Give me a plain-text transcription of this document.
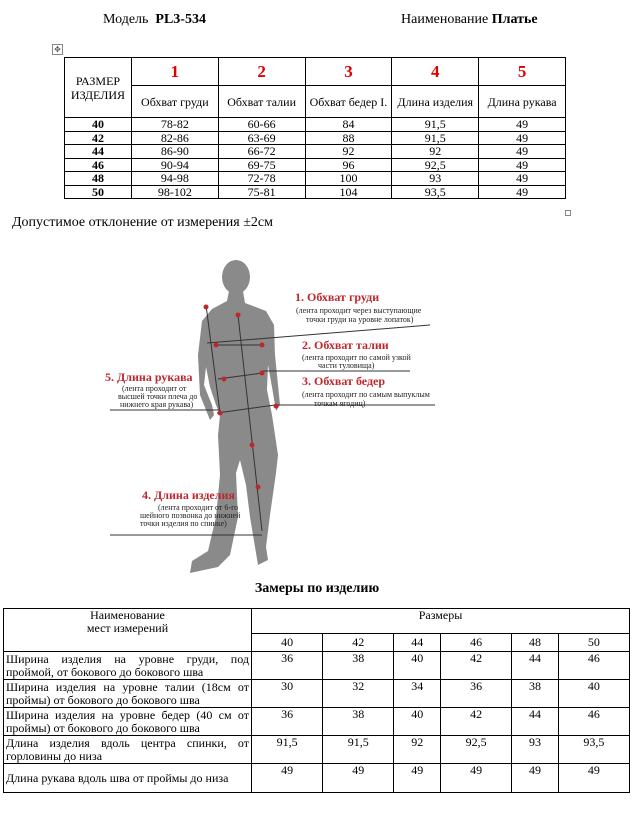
Модель PL3-534	Наименование Платье
✥
РАЗМЕР ИЗДЕЛИЯ	1	2	3	4	5
	Обхват груди	Обхват талии	Обхват бедер I.	Длина изделия	Длина рукава
40	78-82	60-66	84	91,5	49
42	82-86	63-69	88	91,5	49
44	86-90	66-72	92	92	49
46	90-94	69-75	96	92,5	49
48	94-98	72-78	100	93	49
50	98-102	75-81	104	93,5	49
Допустимое отклонение от измерения ±2см
1. Обхват груди
(лента проходит через выступающие
точки груди на уровне лопаток)
2. Обхват талии
(лента проходит по самой узкой
части туловища)
3. Обхват бедер
(лента проходит по самым выпуклым
точкам ягодиц)
5. Длина рукава
(лента проходит от
высшей точки плеча до
нижнего края рукава)
4. Длина изделия
(лента проходит от 6-го
шейного позвонка до нижней
точки изделия по спинке)
Замеры по изделию
Наименование
мест измерений	Размеры					
	40	42	44	46	48	50
Ширина изделия на уровне груди, под проймой, от бокового до бокового шва	36	38	40	42	44	46
Ширина изделия на уровне талии (18см от проймы) от бокового до бокового шва	30	32	34	36	38	40
Ширина изделия на уровне бедер (40 см от проймы) от бокового до бокового шва	36	38	40	42	44	46
Длина изделия вдоль центра спинки, от горловины до низа	91,5	91,5	92	92,5	93	93,5
Длина рукава вдоль шва от проймы до низа	49	49	49	49	49	49
